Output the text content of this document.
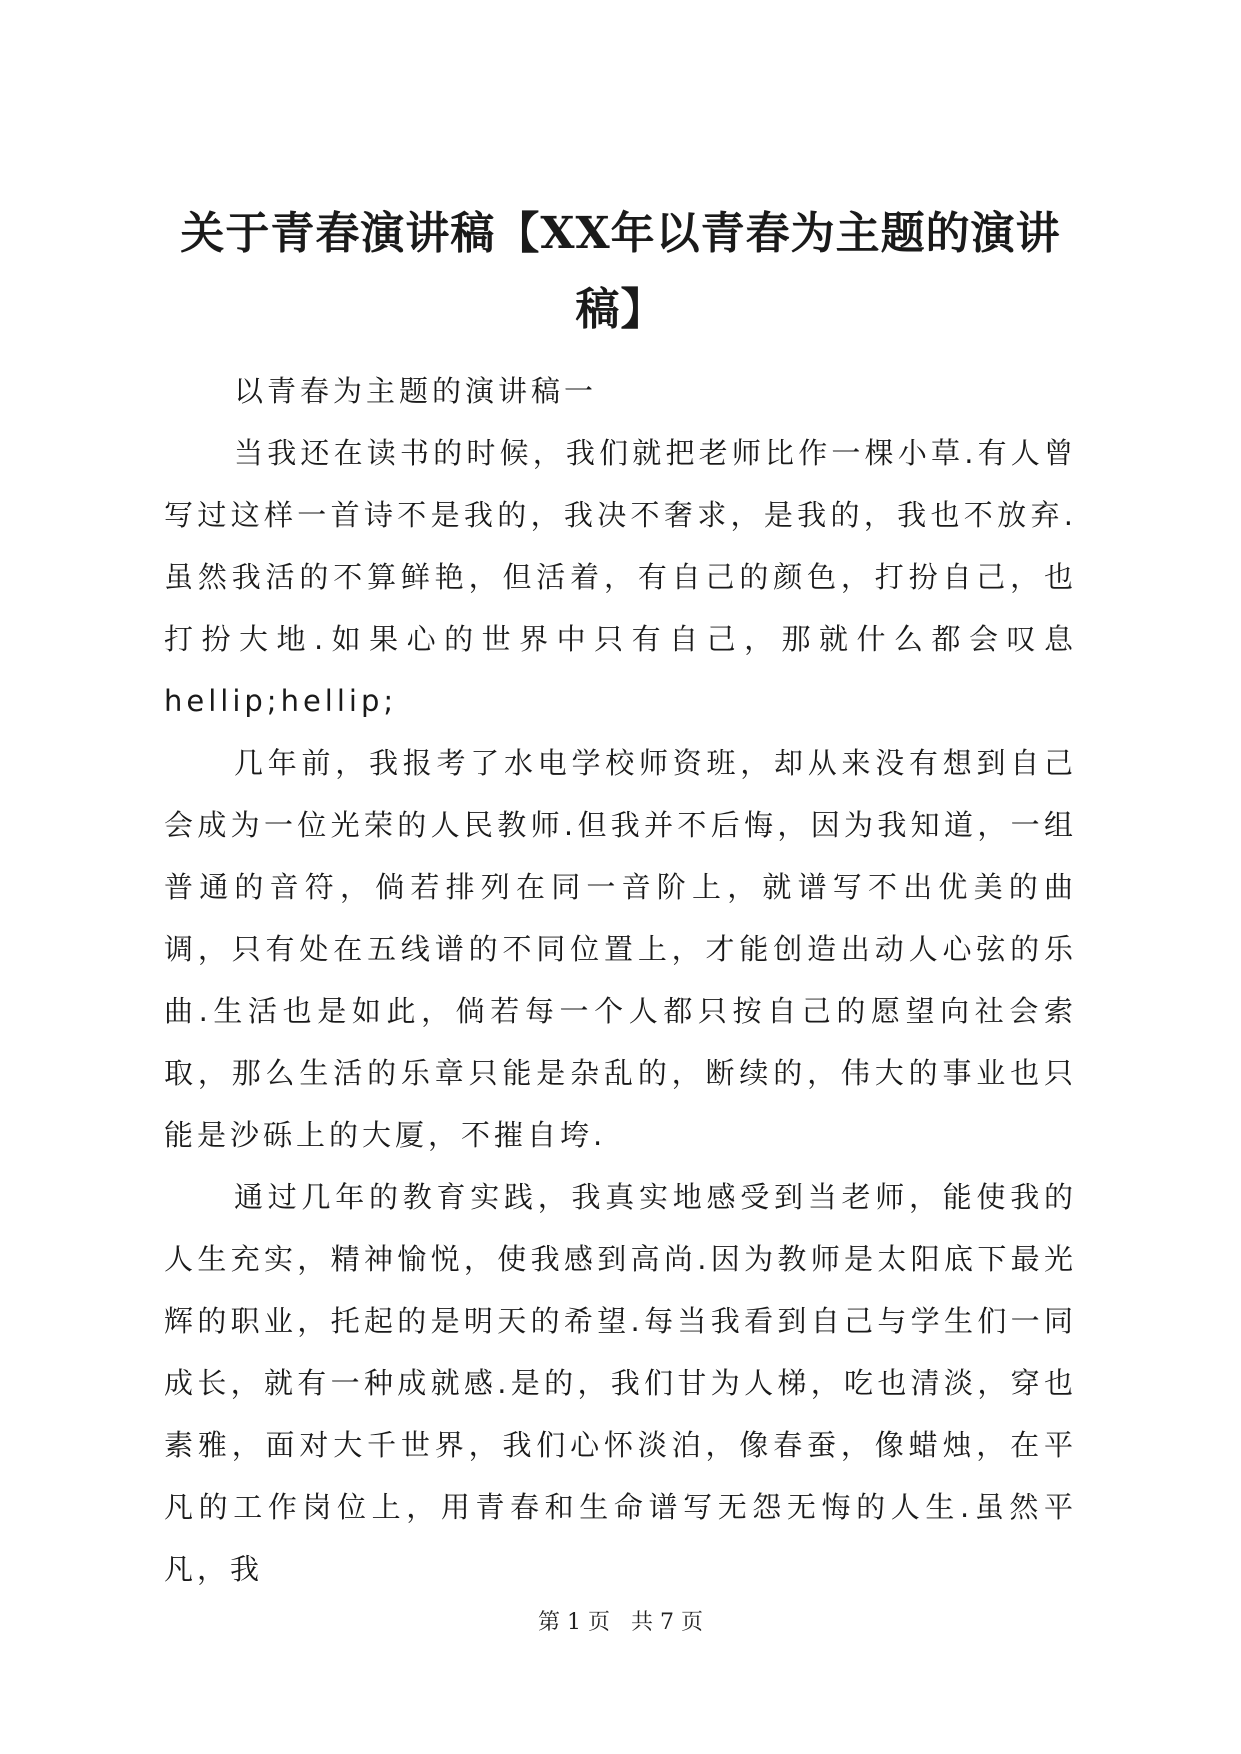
关于青春演讲稿【XX年以青春为主题的演讲稿】

以青春为主题的演讲稿一

当我还在读书的时候，我们就把老师比作一棵小草.有人曾写过这样一首诗不是我的，我决不奢求，是我的，我也不放弃.虽然我活的不算鲜艳，但活着，有自己的颜色，打扮自己，也打扮大地.如果心的世界中只有自己，那就什么都会叹息hellip;hellip;

几年前，我报考了水电学校师资班，却从来没有想到自己会成为一位光荣的人民教师.但我并不后悔，因为我知道，一组普通的音符，倘若排列在同一音阶上，就谱写不出优美的曲调，只有处在五线谱的不同位置上，才能创造出动人心弦的乐曲.生活也是如此，倘若每一个人都只按自己的愿望向社会索取，那么生活的乐章只能是杂乱的，断续的，伟大的事业也只能是沙砾上的大厦，不摧自垮.

通过几年的教育实践，我真实地感受到当老师，能使我的人生充实，精神愉悦，使我感到高尚.因为教师是太阳底下最光辉的职业，托起的是明天的希望.每当我看到自己与学生们一同成长，就有一种成就感.是的，我们甘为人梯，吃也清淡，穿也素雅，面对大千世界，我们心怀淡泊，像春蚕，像蜡烛，在平凡的工作岗位上，用青春和生命谱写无怨无悔的人生.虽然平凡，我

第 1 页 共 7 页
